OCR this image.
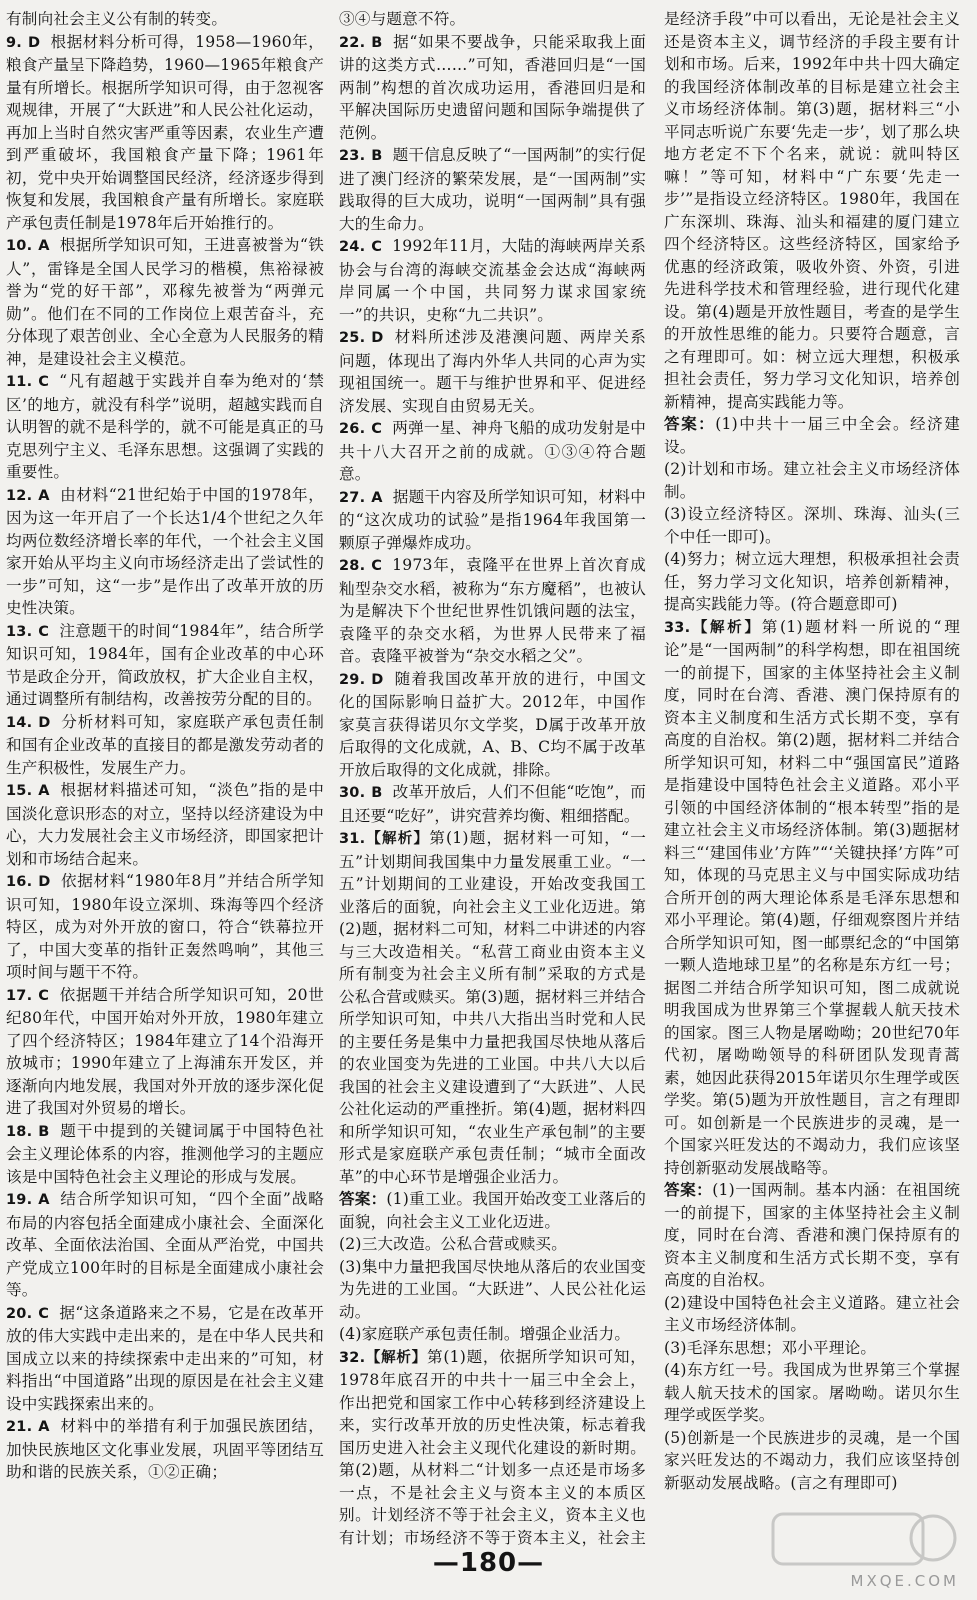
有制向社会主义公有制的转变。

9. D 根据材料分析可得，1958—1960年，粮食产量呈下降趋势，1960—1965年粮食产量有所增长。根据所学知识可得，由于忽视客观规律，开展了“大跃进”和人民公社化运动，再加上当时自然灾害严重等因素，农业生产遭到严重破坏，我国粮食产量下降；1961年初，党中央开始调整国民经济，经济逐步得到恢复和发展，我国粮食产量有所增长。家庭联产承包责任制是1978年后开始推行的。

10. A 根据所学知识可知，王进喜被誉为“铁人”，雷锋是全国人民学习的楷模，焦裕禄被誉为“党的好干部”，邓稼先被誉为“两弹元勋”。他们在不同的工作岗位上艰苦奋斗，充分体现了艰苦创业、全心全意为人民服务的精神，是建设社会主义模范。

11. C “凡有超越于实践并自奉为绝对的‘禁区’的地方，就没有科学”说明，超越实践而自认明智的就不是科学的，就不可能是真正的马克思列宁主义、毛泽东思想。这强调了实践的重要性。

12. A 由材料“21世纪始于中国的1978年，因为这一年开启了一个长达1/4个世纪之久年均两位数经济增长率的年代，一个社会主义国家开始从平均主义向市场经济走出了尝试性的一步”可知，这“一步”是作出了改革开放的历史性决策。

13. C 注意题干的时间“1984年”，结合所学知识可知，1984年，国有企业改革的中心环节是政企分开，简政放权，扩大企业自主权，通过调整所有制结构，改善按劳分配的目的。

14. D 分析材料可知，家庭联产承包责任制和国有企业改革的直接目的都是激发劳动者的生产积极性，发展生产力。

15. A 根据材料描述可知，“淡色”指的是中国淡化意识形态的对立，坚持以经济建设为中心，大力发展社会主义市场经济，即国家把计划和市场结合起来。

16. D 依据材料“1980年8月”并结合所学知识可知，1980年设立深圳、珠海等四个经济特区，成为对外开放的窗口，符合“铁幕拉开了，中国大变革的指针正轰然鸣响”，其他三项时间与题干不符。

17. C 依据题干并结合所学知识可知，20世纪80年代，中国开始对外开放，1980年建立了四个经济特区；1984年建立了14个沿海开放城市；1990年建立了上海浦东开发区，并逐渐向内地发展，我国对外开放的逐步深化促进了我国对外贸易的增长。

18. B 题干中提到的关键词属于中国特色社会主义理论体系的内容，推测他学习的主题应该是中国特色社会主义理论的形成与发展。

19. A 结合所学知识可知，“四个全面”战略布局的内容包括全面建成小康社会、全面深化改革、全面依法治国、全面从严治党，中国共产党成立100年时的目标是全面建成小康社会等。

20. C 据“这条道路来之不易，它是在改革开放的伟大实践中走出来的，是在中华人民共和国成立以来的持续探索中走出来的”可知，材料指出“中国道路”出现的原因是在社会主义建设中实践探索出来的。

21. A 材料中的举措有利于加强民族团结，加快民族地区文化事业发展，巩固平等团结互助和谐的民族关系，①②正确；

③④与题意不符。

22. B 据“如果不要战争，只能采取我上面讲的这类方式……”可知，香港回归是“一国两制”构想的首次成功运用，香港回归是和平解决国际历史遗留问题和国际争端提供了范例。

23. B 题干信息反映了“一国两制”的实行促进了澳门经济的繁荣发展，是“一国两制”实践取得的巨大成功，说明“一国两制”具有强大的生命力。

24. C 1992年11月，大陆的海峡两岸关系协会与台湾的海峡交流基金会达成“海峡两岸同属一个中国，共同努力谋求国家统一”的共识，史称“九二共识”。

25. D 材料所述涉及港澳问题、两岸关系问题，体现出了海内外华人共同的心声为实现祖国统一。题干与维护世界和平、促进经济发展、实现自由贸易无关。

26. C 两弹一星、神舟飞船的成功发射是中共十八大召开之前的成就。①③④符合题意。

27. A 据题干内容及所学知识可知，材料中的“这次成功的试验”是指1964年我国第一颗原子弹爆炸成功。

28. C 1973年，袁隆平在世界上首次育成籼型杂交水稻，被称为“东方魔稻”，也被认为是解决下个世纪世界性饥饿问题的法宝，袁隆平的杂交水稻，为世界人民带来了福音。袁隆平被誉为“杂交水稻之父”。

29. D 随着我国改革开放的进行，中国文化的国际影响日益扩大。2012年，中国作家莫言获得诺贝尔文学奖，D属于改革开放后取得的文化成就，A、B、C均不属于改革开放后取得的文化成就，排除。

30. B 改革开放后，人们不但能“吃饱”，而且还要“吃好”，讲究营养均衡、粗细搭配。

31.【解析】第(1)题，据材料一可知，“一五”计划期间我国集中力量发展重工业。“一五”计划期间的工业建设，开始改变我国工业落后的面貌，向社会主义工业化迈进。第(2)题，据材料二可知，材料二中讲述的内容与三大改造相关。“私营工商业由资本主义所有制变为社会主义所有制”采取的方式是公私合营或赎买。第(3)题，据材料三并结合所学知识可知，中共八大指出当时党和人民的主要任务是集中力量把我国尽快地从落后的农业国变为先进的工业国。中共八大以后我国的社会主义建设遭到了“大跃进”、人民公社化运动的严重挫折。第(4)题，据材料四和所学知识可知，“农业生产承包制”的主要形式是家庭联产承包责任制；“城市全面改革”的中心环节是增强企业活力。

答案：(1)重工业。我国开始改变工业落后的面貌，向社会主义工业化迈进。

(2)三大改造。公私合营或赎买。

(3)集中力量把我国尽快地从落后的农业国变为先进的工业国。“大跃进”、人民公社化运动。

(4)家庭联产承包责任制。增强企业活力。

32.【解析】第(1)题，依据所学知识可知，1978年底召开的中共十一届三中全会上，作出把党和国家工作中心转移到经济建设上来，实行改革开放的历史性决策，标志着我国历史进入社会主义现代化建设的新时期。第(2)题，从材料二“计划多一点还是市场多一点，不是社会主义与资本主义的本质区别。计划经济不等于社会主义，资本主义也有计划；市场经济不等于资本主义，社会主

是经济手段”中可以看出，无论是社会主义还是资本主义，调节经济的手段主要有计划和市场。后来，1992年中共十四大确定的我国经济体制改革的目标是建立社会主义市场经济体制。第(3)题，据材料三“小平同志听说广东要‘先走一步’，划了那么块地方老定不下个名来，就说：就叫特区嘛！”等可知，材料中“广东要‘先走一步’”是指设立经济特区。1980年，我国在广东深圳、珠海、汕头和福建的厦门建立四个经济特区。这些经济特区，国家给予优惠的经济政策，吸收外资、外资，引进先进科学技术和管理经验，进行现代化建设。第(4)题是开放性题目，考查的是学生的开放性思维的能力。只要符合题意，言之有理即可。如：树立远大理想，积极承担社会责任，努力学习文化知识，培养创新精神，提高实践能力等。

答案：(1)中共十一届三中全会。经济建设。

(2)计划和市场。建立社会主义市场经济体制。

(3)设立经济特区。深圳、珠海、汕头(三个中任一即可)。

(4)努力；树立远大理想，积极承担社会责任，努力学习文化知识，培养创新精神，提高实践能力等。(符合题意即可)

33.【解析】第(1)题材料一所说的“理论”是“一国两制”的科学构想，即在祖国统一的前提下，国家的主体坚持社会主义制度，同时在台湾、香港、澳门保持原有的资本主义制度和生活方式长期不变，享有高度的自治权。第(2)题，据材料二并结合所学知识可知，材料二中“强国富民”道路是指建设中国特色社会主义道路。邓小平引领的中国经济体制的“根本转型”指的是建立社会主义市场经济体制。第(3)题据材料三“‘建国伟业’方阵”“‘关键抉择’方阵”可知，体现的马克思主义与中国实际成功结合所开创的两大理论体系是毛泽东思想和邓小平理论。第(4)题，仔细观察图片并结合所学知识可知，图一邮票纪念的“中国第一颗人造地球卫星”的名称是东方红一号；据图二并结合所学知识可知，图二成就说明我国成为世界第三个掌握载人航天技术的国家。图三人物是屠呦呦；20世纪70年代初，屠呦呦领导的科研团队发现青蒿素，她因此获得2015年诺贝尔生理学或医学奖。第(5)题为开放性题目，言之有理即可。如创新是一个民族进步的灵魂，是一个国家兴旺发达的不竭动力，我们应该坚持创新驱动发展战略等。

答案：(1)一国两制。基本内涵：在祖国统一的前提下，国家的主体坚持社会主义制度，同时在台湾、香港和澳门保持原有的资本主义制度和生活方式长期不变，享有高度的自治权。

(2)建设中国特色社会主义道路。建立社会主义市场经济体制。

(3)毛泽东思想；邓小平理论。

(4)东方红一号。我国成为世界第三个掌握载人航天技术的国家。屠呦呦。诺贝尔生理学或医学奖。

(5)创新是一个民族进步的灵魂，是一个国家兴旺发达的不竭动力，我们应该坚持创新驱动发展战略。(言之有理即可)

—180—
MXQE.COM
